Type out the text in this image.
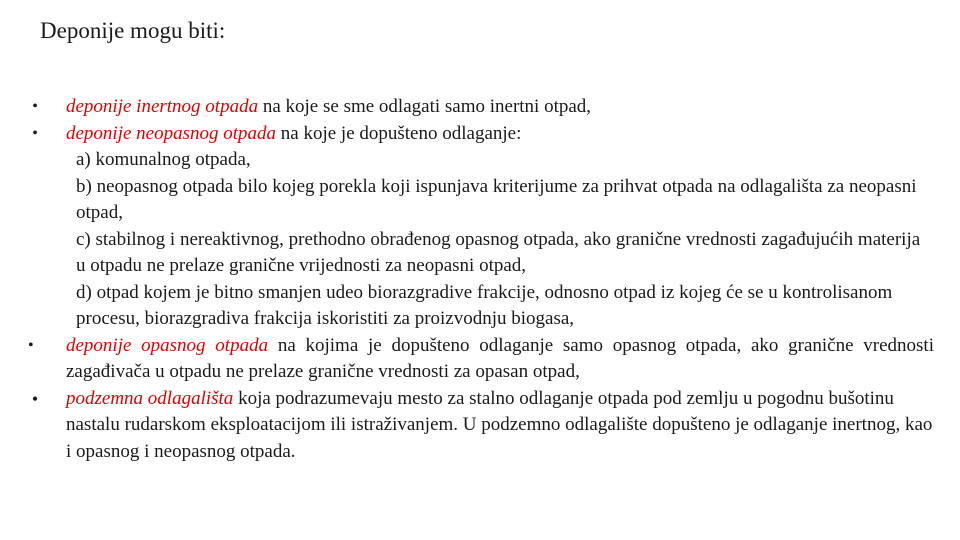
Deponije mogu biti:
• deponije inertnog otpada na koje se sme odlagati samo inertni otpad,
• deponije neopasnog otpada na koje je dopušteno odlaganje:
a) komunalnog otpada,
b) neopasnog otpada bilo kojeg porekla koji ispunjava kriterijume za prihvat otpada na odlagališta za neopasni otpad,
c) stabilnog i nereaktivnog, prethodno obrađenog opasnog otpada, ako granične vrednosti zagađujućih materija u otpadu ne prelaze granične vrijednosti za neopasni otpad,
d) otpad kojem je bitno smanjen udeo biorazgradive frakcije, odnosno otpad iz kojeg će se u kontrolisanom procesu, biorazgradiva frakcija iskoristiti za proizvodnju biogasa,
•	deponije opasnog otpada na kojima je dopušteno odlaganje samo opasnog otpada, ako granične vrednosti zagađivača u otpadu ne prelaze granične vrednosti za opasan otpad,
• podzemna odlagališta koja podrazumevaju mesto za stalno odlaganje otpada pod zemlju u pogodnu bušotinu nastalu rudarskom eksploatacijom ili istraživanjem. U podzemno odlagalište dopušteno je odlaganje inertnog, kao i opasnog i neopasnog otpada.
